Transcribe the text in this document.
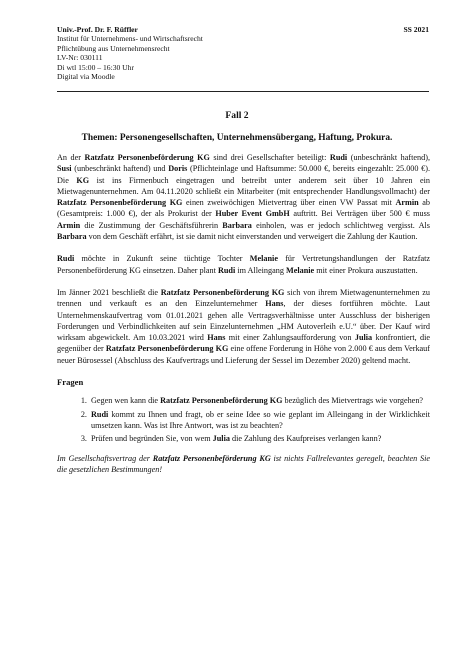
Univ.-Prof. Dr. F. Rüffler	SS 2021
Institut für Unternehmens- und Wirtschaftsrecht
Pflichtübung aus Unternehmensrecht
LV-Nr: 030111
Di wtl 15:00 – 16:30 Uhr
Digital via Moodle
Fall 2
Themen: Personengesellschaften, Unternehmensübergang, Haftung, Prokura.

An der Ratzfatz Personenbeförderung KG sind drei Gesellschafter beteiligt: Rudi (unbeschränkt haftend), Susi (unbeschränkt haftend) und Doris (Pflichteinlage und Haftsumme: 50.000 €, bereits eingezahlt: 25.000 €). Die KG ist ins Firmenbuch eingetragen und betreibt unter anderem seit über 10 Jahren ein Mietwagenunternehmen. Am 04.11.2020 schließt ein Mitarbeiter (mit entsprechender Handlungsvollmacht) der Ratzfatz Personenbeförderung KG einen zweiwöchigen Mietvertrag über einen VW Passat mit Armin ab (Gesamtpreis: 1.000 €), der als Prokurist der Huber Event GmbH auftritt. Bei Verträgen über 500 € muss Armin die Zustimmung der Geschäftsführerin Barbara einholen, was er jedoch schlichtweg vergisst. Als Barbara von dem Geschäft erfährt, ist sie damit nicht einverstanden und verweigert die Zahlung der Kaution.

Rudi möchte in Zukunft seine tüchtige Tochter Melanie für Vertretungshandlungen der Ratzfatz Personenbeförderung KG einsetzen. Daher plant Rudi im Alleingang Melanie mit einer Prokura auszustatten.

Im Jänner 2021 beschließt die Ratzfatz Personenbeförderung KG sich von ihrem Mietwagenunternehmen zu trennen und verkauft es an den Einzelunternehmer Hans, der dieses fortführen möchte. Laut Unternehmenskaufvertrag vom 01.01.2021 gehen alle Vertragsverhältnisse unter Ausschluss der bisherigen Forderungen und Verbindlichkeiten auf sein Einzelunternehmen „HM Autoverleih e.U.“ über. Der Kauf wird wirksam abgewickelt. Am 10.03.2021 wird Hans mit einer Zahlungsaufforderung von Julia konfrontiert, die gegenüber der Ratzfatz Personenbeförderung KG eine offene Forderung in Höhe von 2.000 € aus dem Verkauf neuer Bürosessel (Abschluss des Kaufvertrags und Lieferung der Sessel im Dezember 2020) geltend macht.

Fragen
1. Gegen wen kann die Ratzfatz Personenbeförderung KG bezüglich des Mietvertrags wie vorgehen?
2. Rudi kommt zu Ihnen und fragt, ob er seine Idee so wie geplant im Alleingang in der Wirklichkeit umsetzen kann. Was ist Ihre Antwort, was ist zu beachten?
3. Prüfen und begründen Sie, von wem Julia die Zahlung des Kaufpreises verlangen kann?

Im Gesellschaftsvertrag der Ratzfatz Personenbeförderung KG ist nichts Fallrelevantes geregelt, beachten Sie die gesetzlichen Bestimmungen!
